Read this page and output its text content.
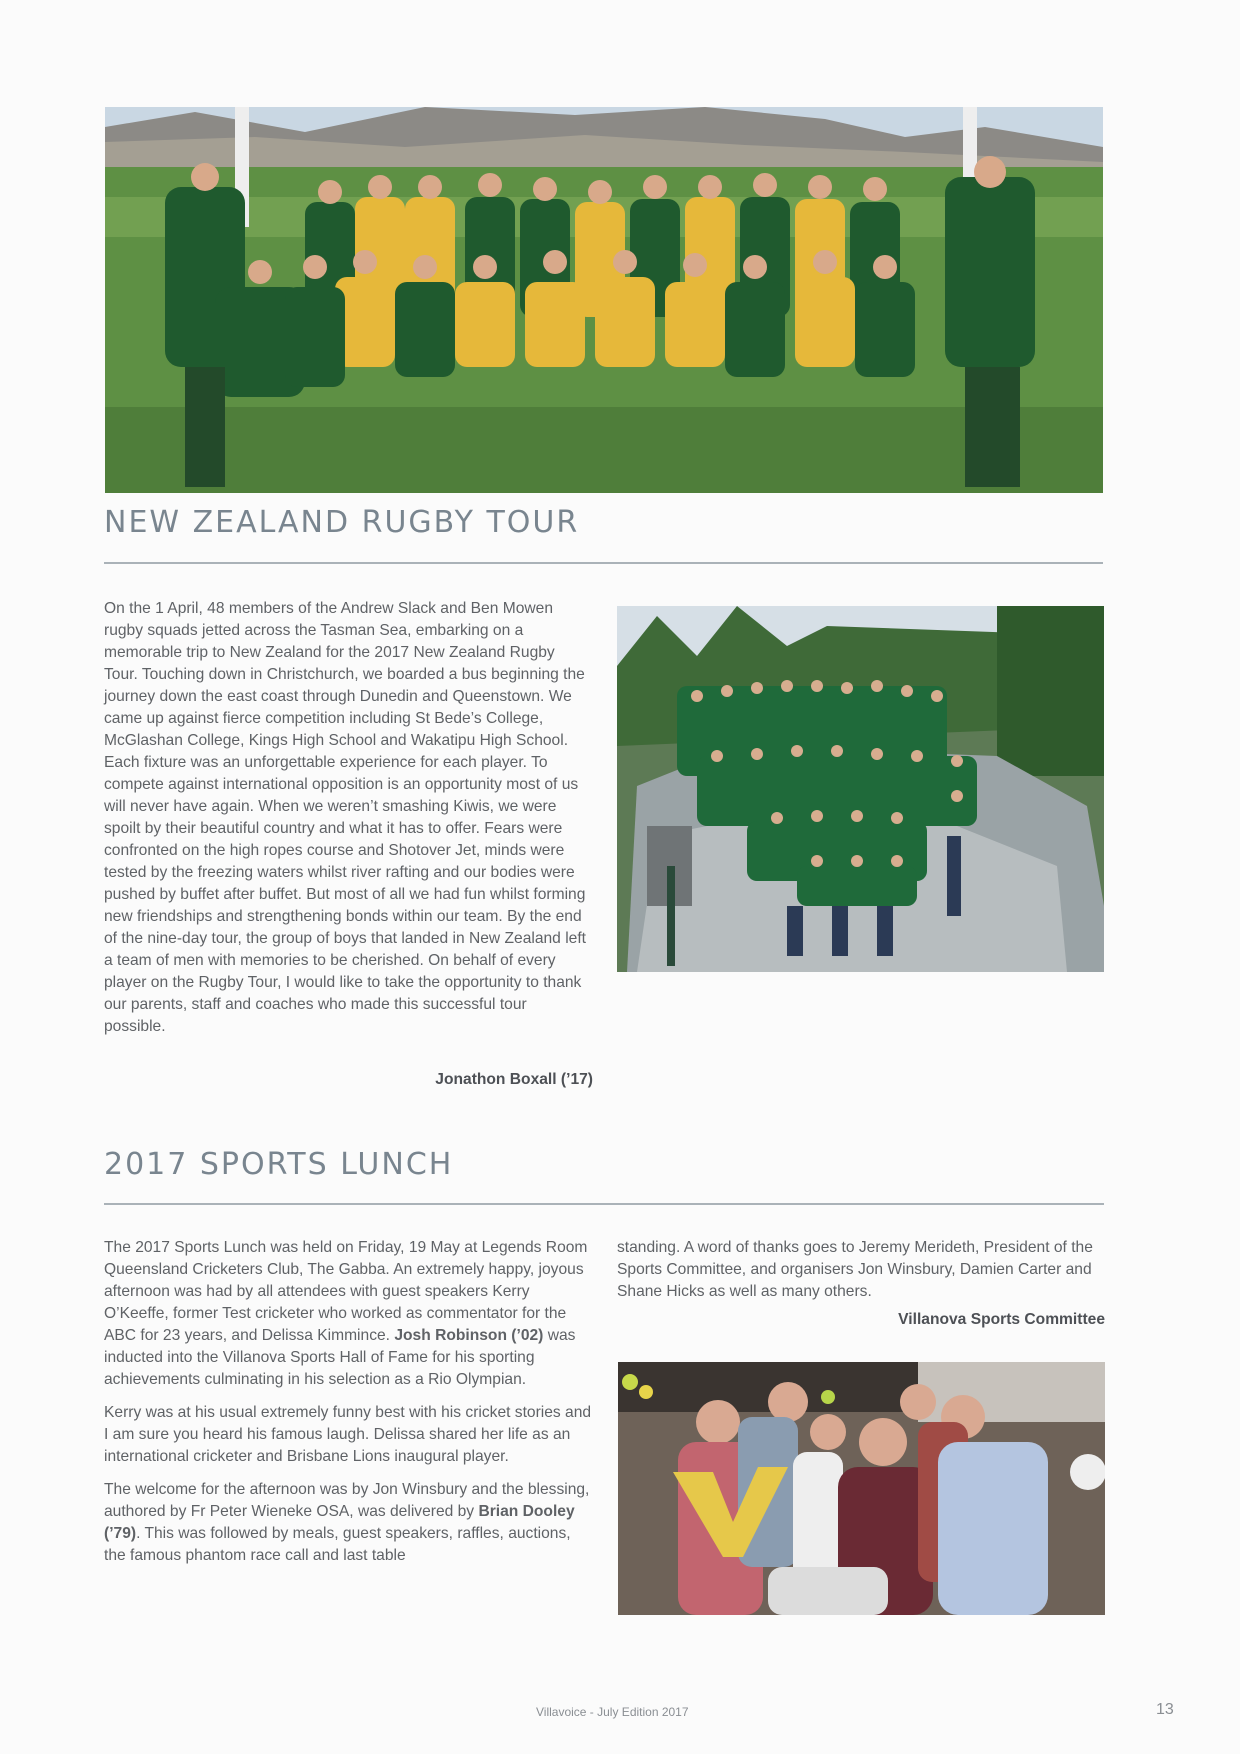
NEW ZEALAND RUGBY TOUR

On the 1 April, 48 members of the Andrew Slack and Ben Mowen rugby squads jetted across the Tasman Sea, embarking on a memorable trip to New Zealand for the 2017 New Zealand Rugby Tour. Touching down in Christchurch, we boarded a bus beginning the journey down the east coast through Dunedin and Queenstown. We came up against fierce competition including St Bede’s College, McGlashan College, Kings High School and Wakatipu High School. Each fixture was an unforgettable experience for each player. To compete against international opposition is an opportunity most of us will never have again. When we weren’t smashing Kiwis, we were spoilt by their beautiful country and what it has to offer. Fears were confronted on the high ropes course and Shotover Jet, minds were tested by the freezing waters whilst river rafting and our bodies were pushed by buffet after buffet. But most of all we had fun whilst forming new friendships and strengthening bonds within our team. By the end of the nine-day tour, the group of boys that landed in New Zealand left a team of men with memories to be cherished. On behalf of every player on the Rugby Tour, I would like to take the opportunity to thank our parents, staff and coaches who made this successful tour possible.

Jonathon Boxall (’17)
2017 SPORTS LUNCH

The 2017 Sports Lunch was held on Friday, 19 May at Legends Room Queensland Cricketers Club, The Gabba. An extremely happy, joyous afternoon was had by all attendees with guest speakers Kerry O’Keeffe, former Test cricketer who worked as commentator for the ABC for 23 years, and Delissa Kimmince. Josh Robinson (’02) was inducted into the Villanova Sports Hall of Fame for his sporting achievements culminating in his selection as a Rio Olympian.

Kerry was at his usual extremely funny best with his cricket stories and I am sure you heard his famous laugh. Delissa shared her life as an international cricketer and Brisbane Lions inaugural player.

The welcome for the afternoon was by Jon Winsbury and the blessing, authored by Fr Peter Wieneke OSA, was delivered by Brian Dooley (’79). This was followed by meals, guest speakers, raffles, auctions, the famous phantom race call and last table

standing. A word of thanks goes to Jeremy Merideth, President of the Sports Committee, and organisers Jon Winsbury, Damien Carter and Shane Hicks as well as many others.

Villanova Sports Committee
Villavoice - July Edition 2017	13
